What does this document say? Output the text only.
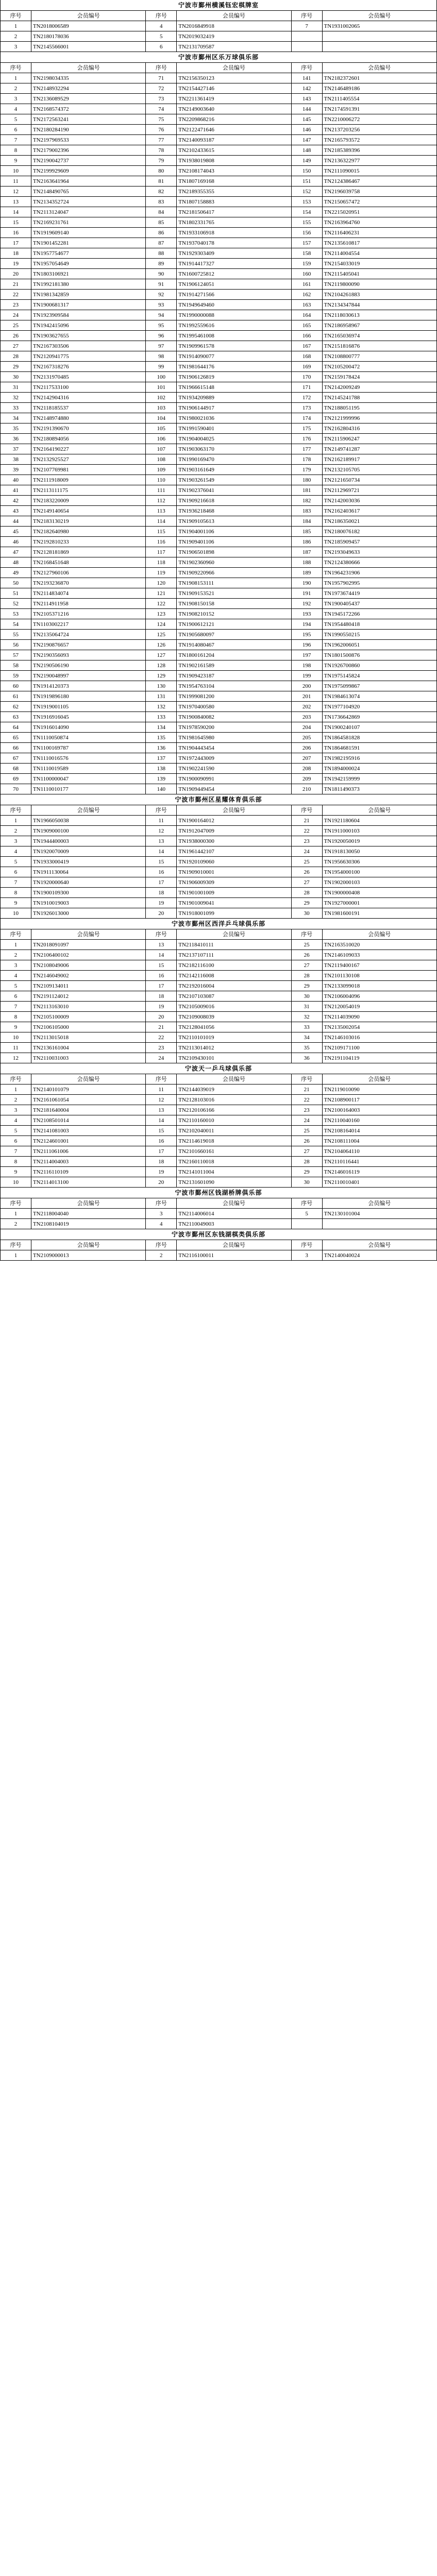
宁波市鄞州横溪钰宏棋牌室
序号	会员编号	序号	会员编号	序号	会员编号
1	TN2018006589	4	TN2016849918	7	TN1931002065
2	TN2180178036	5	TN2019032419		
3	TN2145566001	6	TN2131709587		
宁波市鄞州区乐万球俱乐部
序号	会员编号	序号	会员编号	序号	会员编号
1	TN2198034335	71	TN2156350123	141	TN2182372601
2	TN2148932294	72	TN2154427146	142	TN2146489186
3	TN2136089529	73	TN2211361419	143	TN2111405554
4	TN2168574372	74	TN2149003640	144	TN2174591391
5	TN2172563241	75	TN2209868216	145	TN2210006272
6	TN2180284190	76	TN2122471646	146	TN2137203256
7	TN2197969533	77	TN2140093187	147	TN2165793572
8	TN2179002396	78	TN2102433615	148	TN2185389396
9	TN2190042737	79	TN1938019808	149	TN2136322977
10	TN2199929609	80	TN2108174043	150	TN2111090015
11	TN2163641964	81	TN1807169168	151	TN2124386467
12	TN2148490765	82	TN2189355355	152	TN2196039758
13	TN2134352724	83	TN1807158883	153	TN2150657472
14	TN2113124047	84	TN2181506417	154	TN2215020951
15	TN2169231761	85	TN1802331765	155	TN2163964760
16	TN1919609140	86	TN1933106918	156	TN2116406231
17	TN1901452281	87	TN1937040178	157	TN2135610817
18	TN1957754677	88	TN1929303409	158	TN2114004554
19	TN1957054649	89	TN1914417327	159	TN2154033019
20	TN1803106921	90	TN1600725812	160	TN2115405041
21	TN1992181380	91	TN1906124051	161	TN2119800090
22	TN1981342859	92	TN1914271566	162	TN2104261883
23	TN1900681317	93	TN1949649460	163	TN2134347844
24	TN1923909584	94	TN1990000088	164	TN2118030613
25	TN1942415096	95	TN1992559616	165	TN2186958967
26	TN1903627655	96	TN1995461008	166	TN2165036974
27	TN2167303506	97	TN1909961578	167	TN2151816876
28	TN2120941775	98	TN1914090077	168	TN2108800777
29	TN2167318276	99	TN1981644176	169	TN2105200472
30	TN2131970485	100	TN1906126819	170	TN2159178424
31	TN2117533100	101	TN1966615148	171	TN2142009249
32	TN2142904316	102	TN1934209889	172	TN2145241788
33	TN2118185537	103	TN1906144917	173	TN2188051195
34	TN2148974880	104	TN1980021036	174	TN2121999996
35	TN2191390670	105	TN1991590401	175	TN2162804316
36	TN2180894056	106	TN1904004025	176	TN2115906247
37	TN2164190227	107	TN1903063170	177	TN2149741287
38	TN2132925527	108	TN1990169470	178	TN2162189917
39	TN2107769981	109	TN1903161649	179	TN2132105705
40	TN2111918009	110	TN1903261549	180	TN2121650734
41	TN2113111175	111	TN1902376041	181	TN2112969721
42	TN2183220009	112	TN1909216618	182	TN2142003036
43	TN2149140654	113	TN1936218468	183	TN2162403617
44	TN2183130219	114	TN1909105613	184	TN2186350021
45	TN2182640980	115	TN1904001106	185	TN2180076182
46	TN2192810233	116	TN1909401106	186	TN2185909457
47	TN2128181869	117	TN1906501898	187	TN2193049633
48	TN2168451648	118	TN1902360960	188	TN2124380666
49	TN2127960106	119	TN1909220966	189	TN1964231906
50	TN2193236870	120	TN1908153111	190	TN1957902995
51	TN2114834074	121	TN1909153521	191	TN1973674419
52	TN2114911958	122	TN1908150158	192	TN1900405437
53	TN2105371216	123	TN1908210152	193	TN1945172266
54	TN1103002217	124	TN1900612121	194	TN1954480418
55	TN2135064724	125	TN1905680097	195	TN1990550215
56	TN2190876657	126	TN1914080467	196	TN1962006051
57	TN2190356093	127	TN1800161204	197	TN1801500876
58	TN2190506190	128	TN1902161589	198	TN1926700860
59	TN2190048997	129	TN1909423187	199	TN1975145824
60	TN1914120373	130	TN1954763104	200	TN1975099867
61	TN1919896180	131	TN1999081200	201	TN1984613074
62	TN1919001105	132	TN1970400580	202	TN1977104920
63	TN1916916045	133	TN1900840082	203	TN1736642869
64	TN1916014090	134	TN1978590200	204	TN1900240107
65	TN1110050874	135	TN1981645980	205	TN1864581828
66	TN1100169787	136	TN1904443454	206	TN1864681591
67	TN1110016576	137	TN1972443009	207	TN1982195916
68	TN1110019589	138	TN1902241590	208	TN1894000024
69	TN1100000047	139	TN1900090991	209	TN1942159999
70	TN1110010177	140	TN1909449454	210	TN1811490373
宁波市鄞州区星耀体育俱乐部
序号	会员编号	序号	会员编号	序号	会员编号
1	TN1966050038	11	TN1900164012	21	TN1921180604
2	TN1909000100	12	TN1912047009	22	TN1911000103
3	TN1944400003	13	TN1938000300	23	TN1920050019
4	TN1920070009	14	TN1961442107	24	TN1918130050
5	TN1933000419	15	TN1920109060	25	TN1956630306
6	TN1911130064	16	TN1909010001	26	TN1954000100
7	TN1920000640	17	TN1906009309	27	TN1902000103
8	TN1900109300	18	TN1901001009	28	TN1900000408
9	TN1910019003	19	TN1901009041	29	TN1927000001
10	TN1926013000	20	TN1918001099	30	TN1981600191
宁波市鄞州区西洋乒乓球俱乐部
序号	会员编号	序号	会员编号	序号	会员编号
1	TN2018091097	13	TN2118410111	25	TN2163510020
2	TN2106400102	14	TN2137107111	26	TN2146109033
3	TN2108049006	15	TN2182116100	27	TN2119400167
4	TN2146049002	16	TN2142116008	28	TN2101130108
5	TN2109134011	17	TN2192016004	29	TN2133099018
6	TN2191124012	18	TN2107103087	30	TN2106004096
7	TN2113163010	19	TN2105009016	31	TN2120054019
8	TN2105100009	20	TN2109008039	32	TN2114039090
9	TN2106105000	21	TN2128041056	33	TN2135002054
10	TN2113015018	22	TN2110101019	34	TN2146103016
11	TN2136161004	23	TN2113014012	35	TN2109171100
12	TN2110031003	24	TN2109430101	36	TN2191104119
宁波天一乒乓球俱乐部
序号	会员编号	序号	会员编号	序号	会员编号
1	TN2140101079	11	TN2144039019	21	TN2119010090
2	TN2161061054	12	TN2128103016	22	TN2108900117
3	TN2181640004	13	TN2120106166	23	TN2100164003
4	TN2108501014	14	TN2110160010	24	TN2110040160
5	TN2141081003	15	TN2102040011	25	TN2108164014
6	TN2124601001	16	TN2114619018	26	TN2108111004
7	TN2111061006	17	TN2101660161	27	TN2104064110
8	TN2114004003	18	TN2160110018	28	TN2110116441
9	TN2116110109	19	TN2141011004	29	TN2146016119
10	TN2114013100	20	TN2131601090	30	TN2110010401
宁波市鄞州区钱湖桥牌俱乐部
序号	会员编号	序号	会员编号	序号	会员编号
1	TN2118004040	3	TN2114006014	5	TN2130101004
2	TN2108104019	4	TN2110049003		
宁波市鄞州区东钱湖棋类俱乐部
序号	会员编号	序号	会员编号	序号	会员编号
1	TN2109000013	2	TN2116100011	3	TN2140040024
